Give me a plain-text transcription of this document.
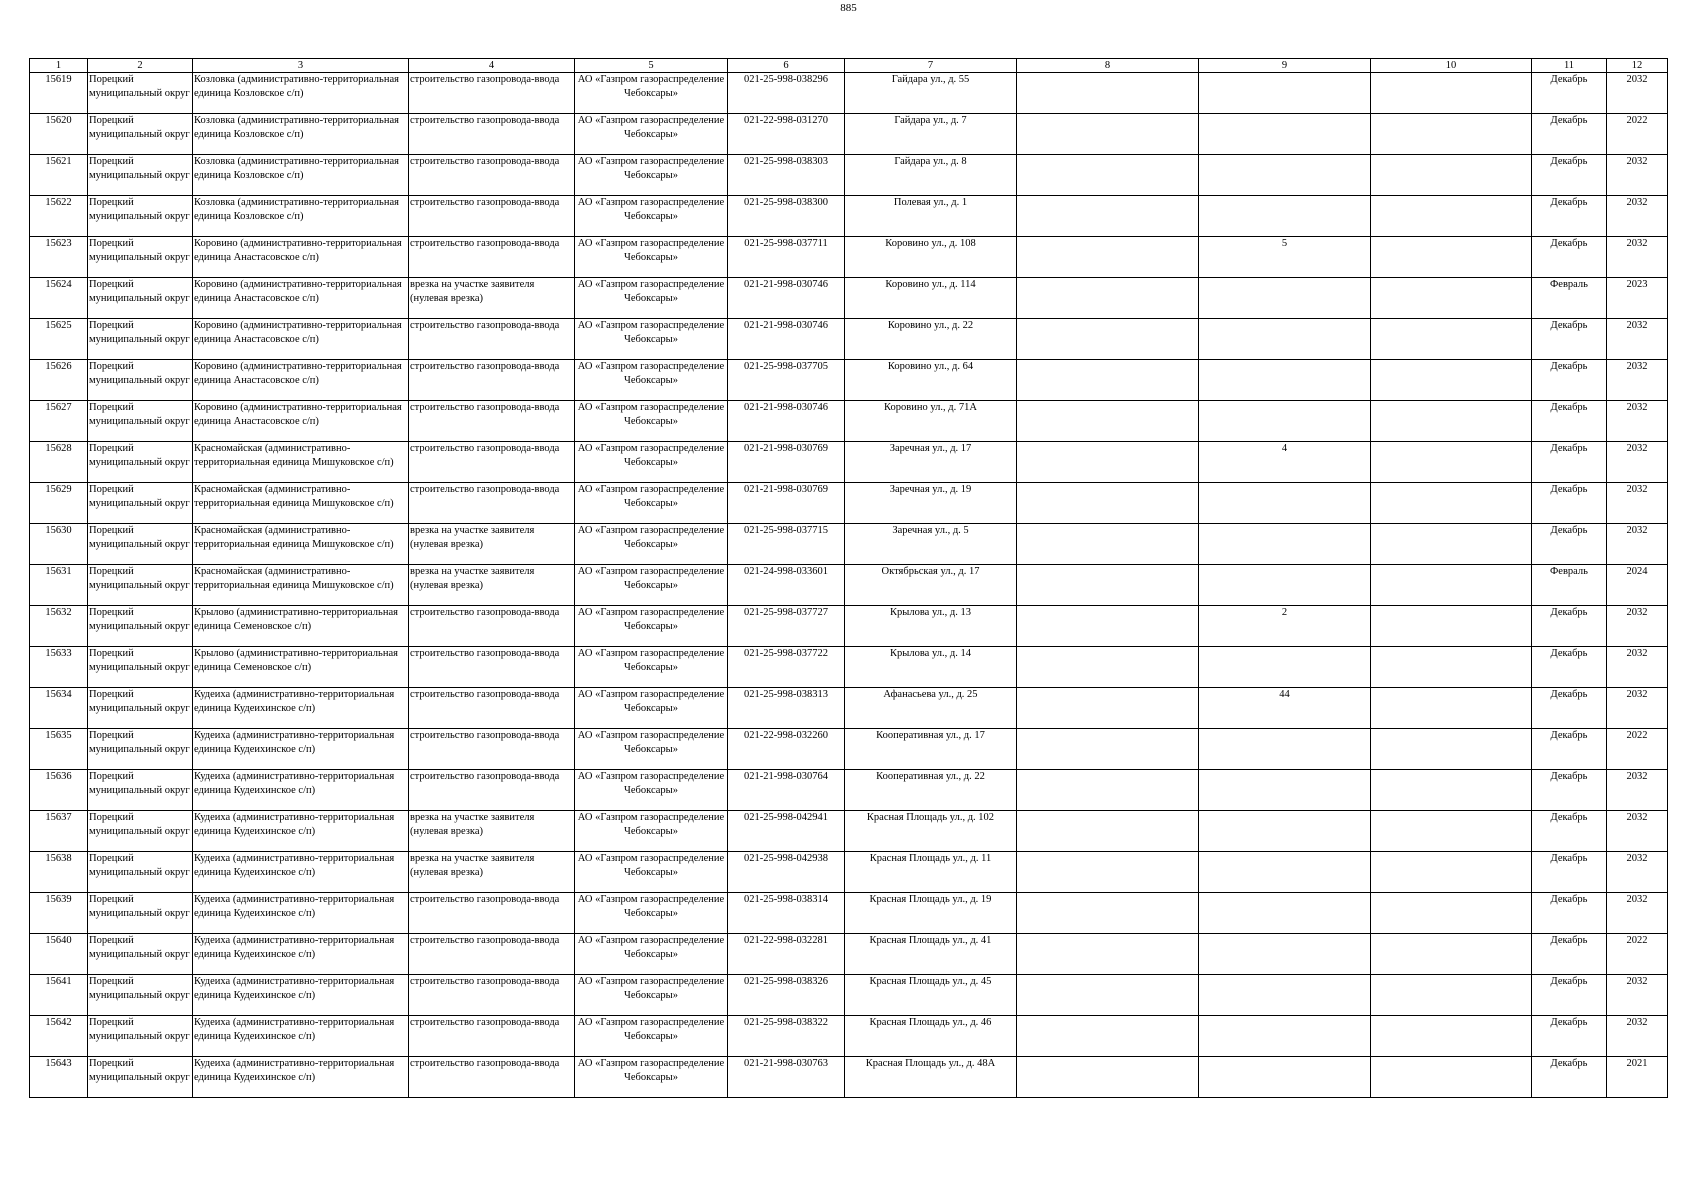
885
1	2	3	4	5	6	7	8	9	10	11	12

15619	Порецкий муниципальный округ	Козловка (административно-территориальная единица Козловское с/п)	строительство газопровода-ввода	АО «Газпром газораспределение Чебоксары»	021-25-998-038296	Гайдара ул., д. 55				Декабрь	2032

15620	Порецкий муниципальный округ	Козловка (административно-территориальная единица Козловское с/п)	строительство газопровода-ввода	АО «Газпром газораспределение Чебоксары»	021-22-998-031270	Гайдара ул., д. 7				Декабрь	2022

15621	Порецкий муниципальный округ	Козловка (административно-территориальная единица Козловское с/п)	строительство газопровода-ввода	АО «Газпром газораспределение Чебоксары»	021-25-998-038303	Гайдара ул., д. 8				Декабрь	2032

15622	Порецкий муниципальный округ	Козловка (административно-территориальная единица Козловское с/п)	строительство газопровода-ввода	АО «Газпром газораспределение Чебоксары»	021-25-998-038300	Полевая ул., д. 1				Декабрь	2032

15623	Порецкий муниципальный округ	Коровино (административно-территориальная единица Анастасовское с/п)	строительство газопровода-ввода	АО «Газпром газораспределение Чебоксары»	021-25-998-037711	Коровино ул., д. 108		5		Декабрь	2032

15624	Порецкий муниципальный округ	Коровино (административно-территориальная единица Анастасовское с/п)	врезка на участке заявителя (нулевая врезка)	АО «Газпром газораспределение Чебоксары»	021-21-998-030746	Коровино ул., д. 114				Февраль	2023

15625	Порецкий муниципальный округ	Коровино (административно-территориальная единица Анастасовское с/п)	строительство газопровода-ввода	АО «Газпром газораспределение Чебоксары»	021-21-998-030746	Коровино ул., д. 22				Декабрь	2032

15626	Порецкий муниципальный округ	Коровино (административно-территориальная единица Анастасовское с/п)	строительство газопровода-ввода	АО «Газпром газораспределение Чебоксары»	021-25-998-037705	Коровино ул., д. 64				Декабрь	2032

15627	Порецкий муниципальный округ	Коровино (административно-территориальная единица Анастасовское с/п)	строительство газопровода-ввода	АО «Газпром газораспределение Чебоксары»	021-21-998-030746	Коровино ул., д. 71А				Декабрь	2032

15628	Порецкий муниципальный округ	Красномайская (административно-территориальная единица Мишуковское с/п)	строительство газопровода-ввода	АО «Газпром газораспределение Чебоксары»	021-21-998-030769	Заречная ул., д. 17		4		Декабрь	2032

15629	Порецкий муниципальный округ	Красномайская (административно-территориальная единица Мишуковское с/п)	строительство газопровода-ввода	АО «Газпром газораспределение Чебоксары»	021-21-998-030769	Заречная ул., д. 19				Декабрь	2032

15630	Порецкий муниципальный округ	Красномайская (административно-территориальная единица Мишуковское с/п)	врезка на участке заявителя (нулевая врезка)	АО «Газпром газораспределение Чебоксары»	021-25-998-037715	Заречная ул., д. 5				Декабрь	2032

15631	Порецкий муниципальный округ	Красномайская (административно-территориальная единица Мишуковское с/п)	врезка на участке заявителя (нулевая врезка)	АО «Газпром газораспределение Чебоксары»	021-24-998-033601	Октябрьская ул., д. 17				Февраль	2024

15632	Порецкий муниципальный округ	Крылово (административно-территориальная единица Семеновское с/п)	строительство газопровода-ввода	АО «Газпром газораспределение Чебоксары»	021-25-998-037727	Крылова ул., д. 13		2		Декабрь	2032

15633	Порецкий муниципальный округ	Крылово (административно-территориальная единица Семеновское с/п)	строительство газопровода-ввода	АО «Газпром газораспределение Чебоксары»	021-25-998-037722	Крылова ул., д. 14				Декабрь	2032

15634	Порецкий муниципальный округ	Кудеиха (административно-территориальная единица Кудеихинское с/п)	строительство газопровода-ввода	АО «Газпром газораспределение Чебоксары»	021-25-998-038313	Афанасьева ул., д. 25		44		Декабрь	2032

15635	Порецкий муниципальный округ	Кудеиха (административно-территориальная единица Кудеихинское с/п)	строительство газопровода-ввода	АО «Газпром газораспределение Чебоксары»	021-22-998-032260	Кооперативная ул., д. 17				Декабрь	2022

15636	Порецкий муниципальный округ	Кудеиха (административно-территориальная единица Кудеихинское с/п)	строительство газопровода-ввода	АО «Газпром газораспределение Чебоксары»	021-21-998-030764	Кооперативная ул., д. 22				Декабрь	2032

15637	Порецкий муниципальный округ	Кудеиха (административно-территориальная единица Кудеихинское с/п)	врезка на участке заявителя (нулевая врезка)	АО «Газпром газораспределение Чебоксары»	021-25-998-042941	Красная Площадь ул., д. 102				Декабрь	2032

15638	Порецкий муниципальный округ	Кудеиха (административно-территориальная единица Кудеихинское с/п)	врезка на участке заявителя (нулевая врезка)	АО «Газпром газораспределение Чебоксары»	021-25-998-042938	Красная Площадь ул., д. 11				Декабрь	2032

15639	Порецкий муниципальный округ	Кудеиха (административно-территориальная единица Кудеихинское с/п)	строительство газопровода-ввода	АО «Газпром газораспределение Чебоксары»	021-25-998-038314	Красная Площадь ул., д. 19				Декабрь	2032

15640	Порецкий муниципальный округ	Кудеиха (административно-территориальная единица Кудеихинское с/п)	строительство газопровода-ввода	АО «Газпром газораспределение Чебоксары»	021-22-998-032281	Красная Площадь ул., д. 41				Декабрь	2022

15641	Порецкий муниципальный округ	Кудеиха (административно-территориальная единица Кудеихинское с/п)	строительство газопровода-ввода	АО «Газпром газораспределение Чебоксары»	021-25-998-038326	Красная Площадь ул., д. 45				Декабрь	2032

15642	Порецкий муниципальный округ	Кудеиха (административно-территориальная единица Кудеихинское с/п)	строительство газопровода-ввода	АО «Газпром газораспределение Чебоксары»	021-25-998-038322	Красная Площадь ул., д. 46				Декабрь	2032

15643	Порецкий муниципальный округ	Кудеиха (административно-территориальная единица Кудеихинское с/п)	строительство газопровода-ввода	АО «Газпром газораспределение Чебоксары»	021-21-998-030763	Красная Площадь ул., д. 48А				Декабрь	2021
